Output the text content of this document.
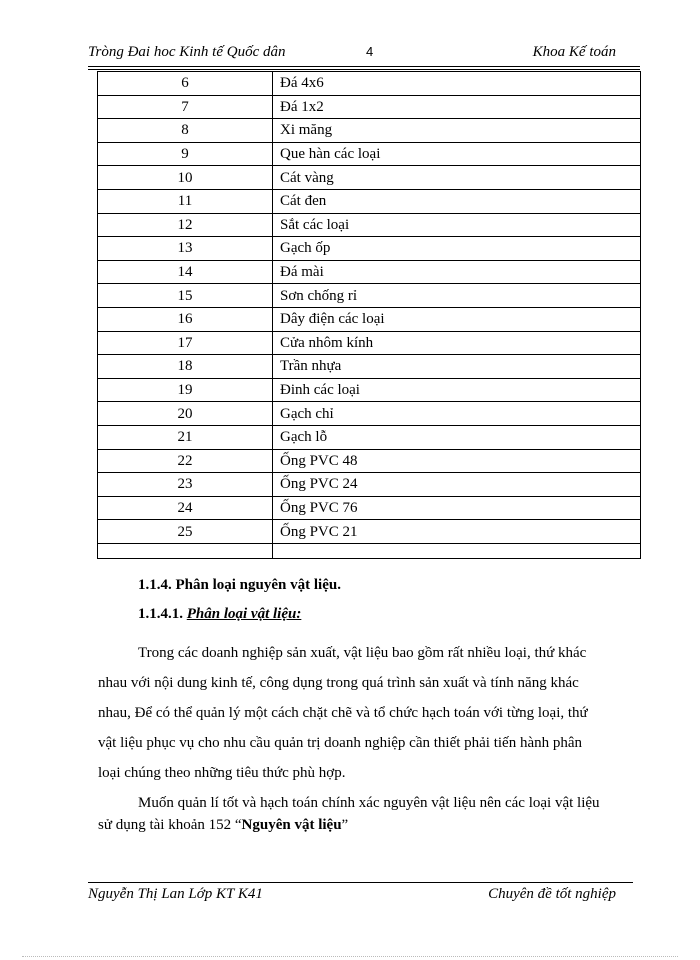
Tròng Đai hoc Kinh tế Quốc dân	4	Khoa Kế toán
6	Đá 4x6
7	Đá 1x2
8	Xi măng
9	Que hàn các loại
10	Cát vàng
11	Cát đen
12	Sắt các loại
13	Gạch ốp
14	Đá mài
15	Sơn chống rỉ
16	Dây điện các loại
17	Cửa nhôm kính
18	Trần nhựa
19	Đinh các loại
20	Gạch chỉ
21	Gạch lỗ
22	Ống PVC 48
23	Ống PVC 24
24	Ống PVC 76
25	Ống PVC 21

1.1.4. Phân loại nguyên vật liệu.
1.1.4.1. Phân loại vật liệu:
Trong các doanh nghiệp sản xuất, vật liệu bao gồm rất nhiều loại, thứ khác
nhau với nội dung kinh tế, công dụng trong quá trình sản xuất và tính năng khác
nhau, Để có thể quản lý một cách chặt chẽ và tổ chức hạch toán với từng loại, thứ
vật liệu phục vụ cho nhu cầu quản trị doanh nghiệp cần thiết phải tiến hành phân
loại chúng theo những tiêu thức phù hợp.
Muốn quản lí tốt và hạch toán chính xác nguyên vật liệu nên các loại vật liệu
sử dụng tài khoản 152 “Nguyên vật liệu”
Nguyễn Thị Lan Lớp KT K41	Chuyên đề tốt nghiệp
